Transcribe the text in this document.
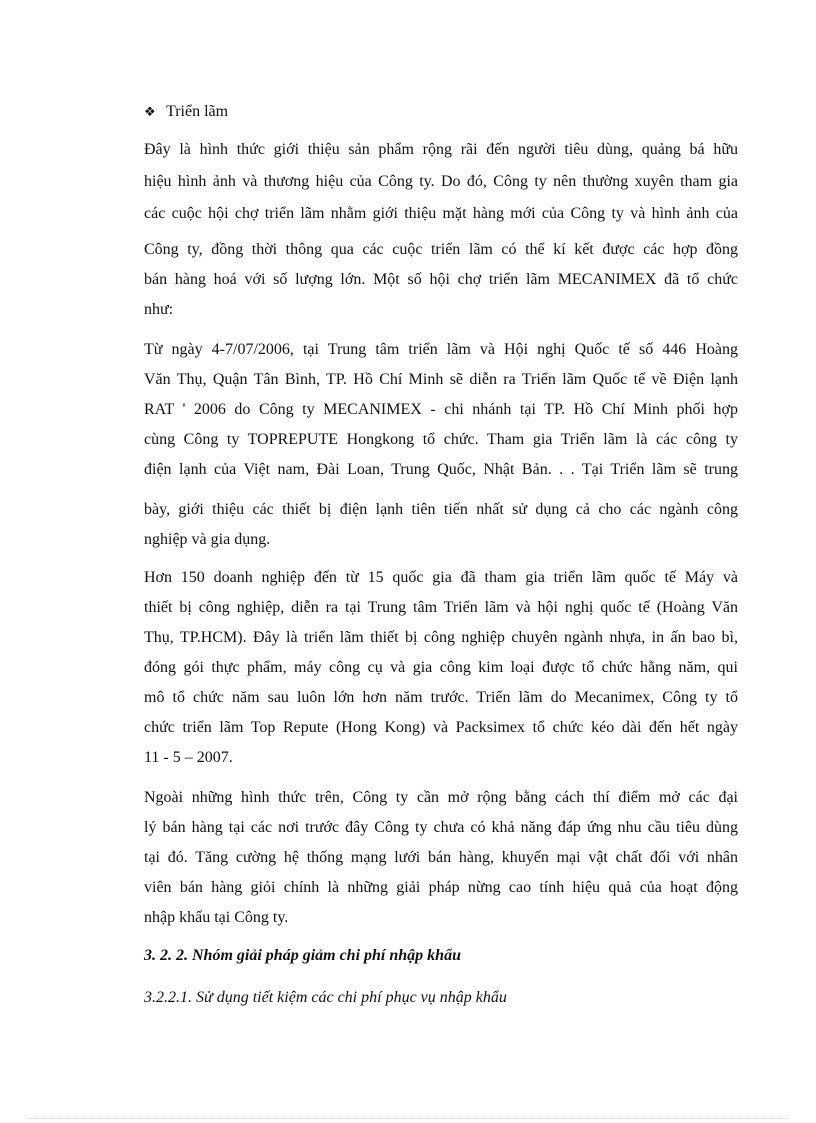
❖ Triển lãm
Đây là hình thức giới thiệu sản phẩm rộng rãi đến người tiêu dùng, quảng bá hữu
hiệu hình ảnh và thương hiệu của Công ty. Do đó, Công ty nên thường xuyên tham gia
các cuộc hội chợ triển lãm nhằm giới thiệu mặt hàng mới của Công ty và hình ảnh của
Công ty, đồng thời thông qua các cuộc triển lãm có thể kí kết được các hợp đồng
bán hàng hoá với số lượng lớn. Một số hội chợ triển lãm MECANIMEX đã tổ chức
như:
Từ ngày 4-7/07/2006, tại Trung tâm triển lãm và Hội nghị Quốc tế số 446 Hoàng
Văn Thụ, Quận Tân Bình, TP. Hồ Chí Minh sẽ diễn ra Triển lãm Quốc tế về Điện lạnh
RAT ' 2006 do Công ty MECANIMEX - chi nhánh tại TP. Hồ Chí Minh phối hợp
cùng Công ty TOPREPUTE Hongkong tổ chức. Tham gia Triển lãm là các công ty
điện lạnh của Việt nam, Đài Loan, Trung Quốc, Nhật Bản. . . Tại Triển lãm sẽ trung
bày, giới thiệu các thiết bị điện lạnh tiên tiến nhất sử dụng cả cho các ngành công
nghiệp và gia dụng.
Hơn 150 doanh nghiệp đến từ 15 quốc gia đã tham gia triển lãm quốc tế Máy và
thiết bị công nghiệp, diễn ra tại Trung tâm Triển lãm và hội nghị quốc tế (Hoàng Văn
Thụ, TP.HCM). Đây là triển lãm thiết bị công nghiệp chuyên ngành nhựa, in ấn bao bì,
đóng gói thực phẩm, máy công cụ và gia công kim loại được tổ chức hằng năm, qui
mô tổ chức năm sau luôn lớn hơn năm trước. Triển lãm do Mecanimex, Công ty tổ
chức triển lãm Top Repute (Hong Kong) và Packsimex tổ chức kéo dài đến hết ngày
11 - 5 – 2007.
Ngoài những hình thức trên, Công ty cần mở rộng bằng cách thí điểm mở các đại
lý bán hàng tại các nơi trước đây Công ty chưa có khả năng đáp ứng nhu cầu tiêu dùng
tại đó. Tăng cường hệ thống mạng lưới bán hàng, khuyến mại vật chất đối với nhân
viên bán hàng giỏi chính là những giải pháp nừng cao tính hiệu quả của hoạt động
nhập khẩu tại Công ty.
3. 2. 2. Nhóm giải pháp giảm chi phí nhập khẩu
3.2.2.1. Sử dụng tiết kiệm các chi phí phục vụ nhập khẩu
